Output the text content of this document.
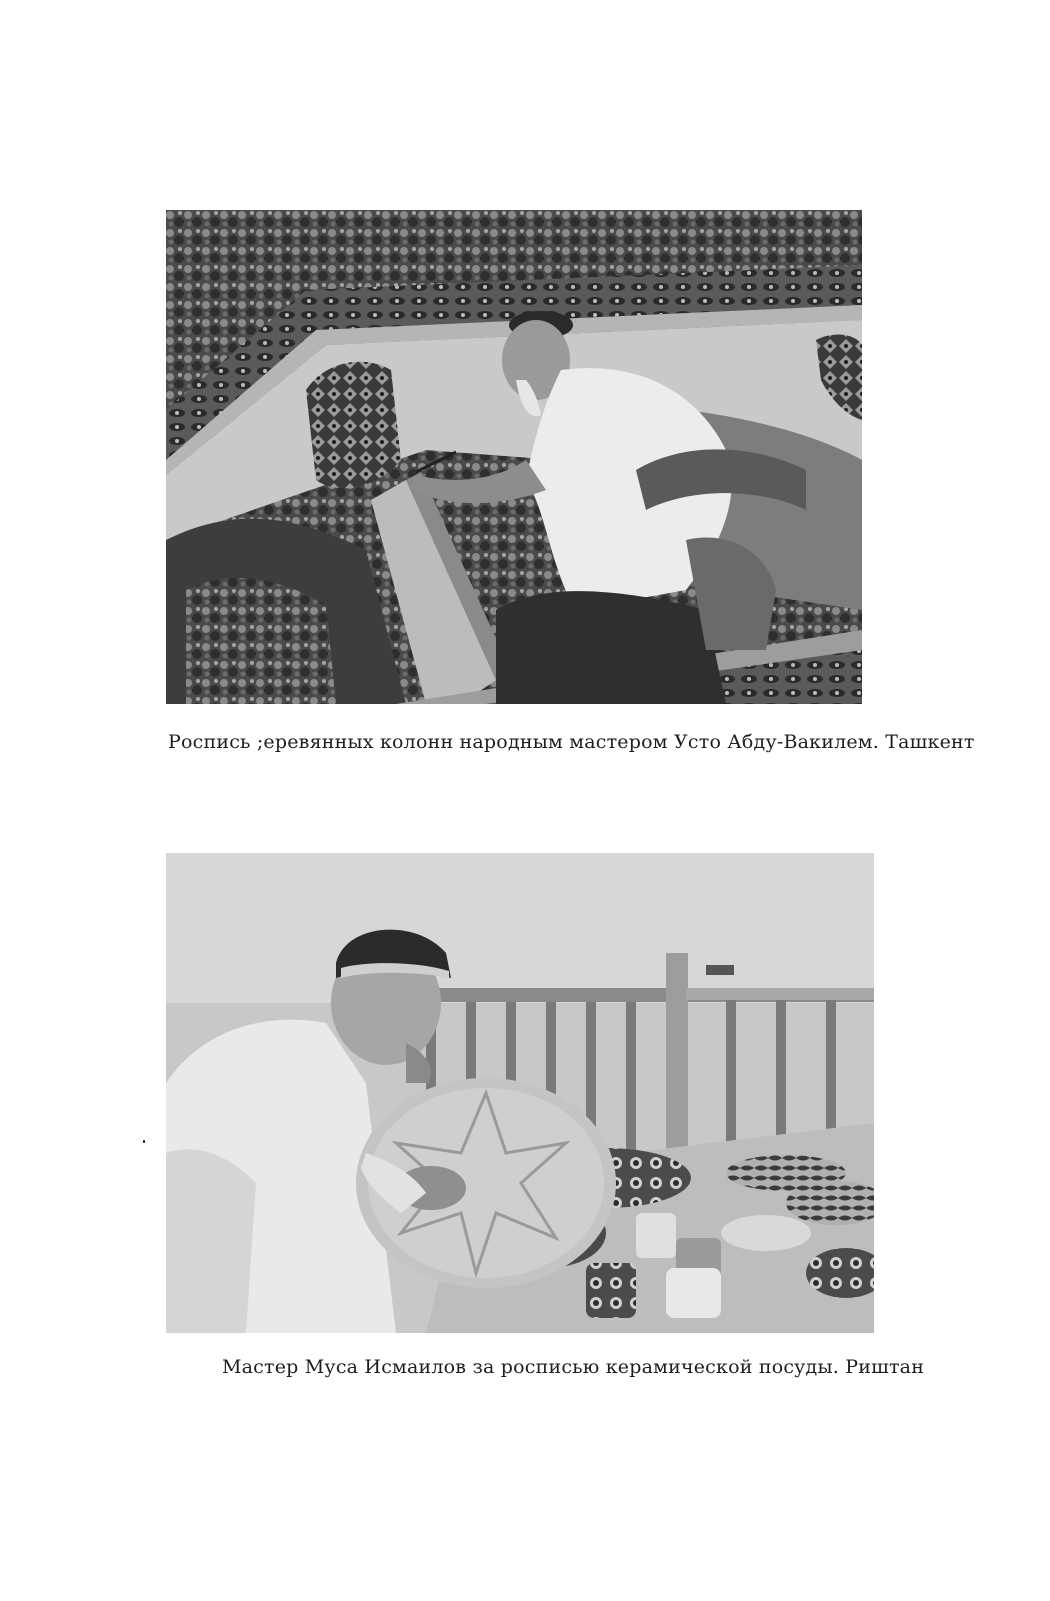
Роспись ;еревянных колонн народным мастером Усто Абду-Вакилем. Ташкент
Мастер Муса Исмаилов за росписью керамической посуды. Риштан
